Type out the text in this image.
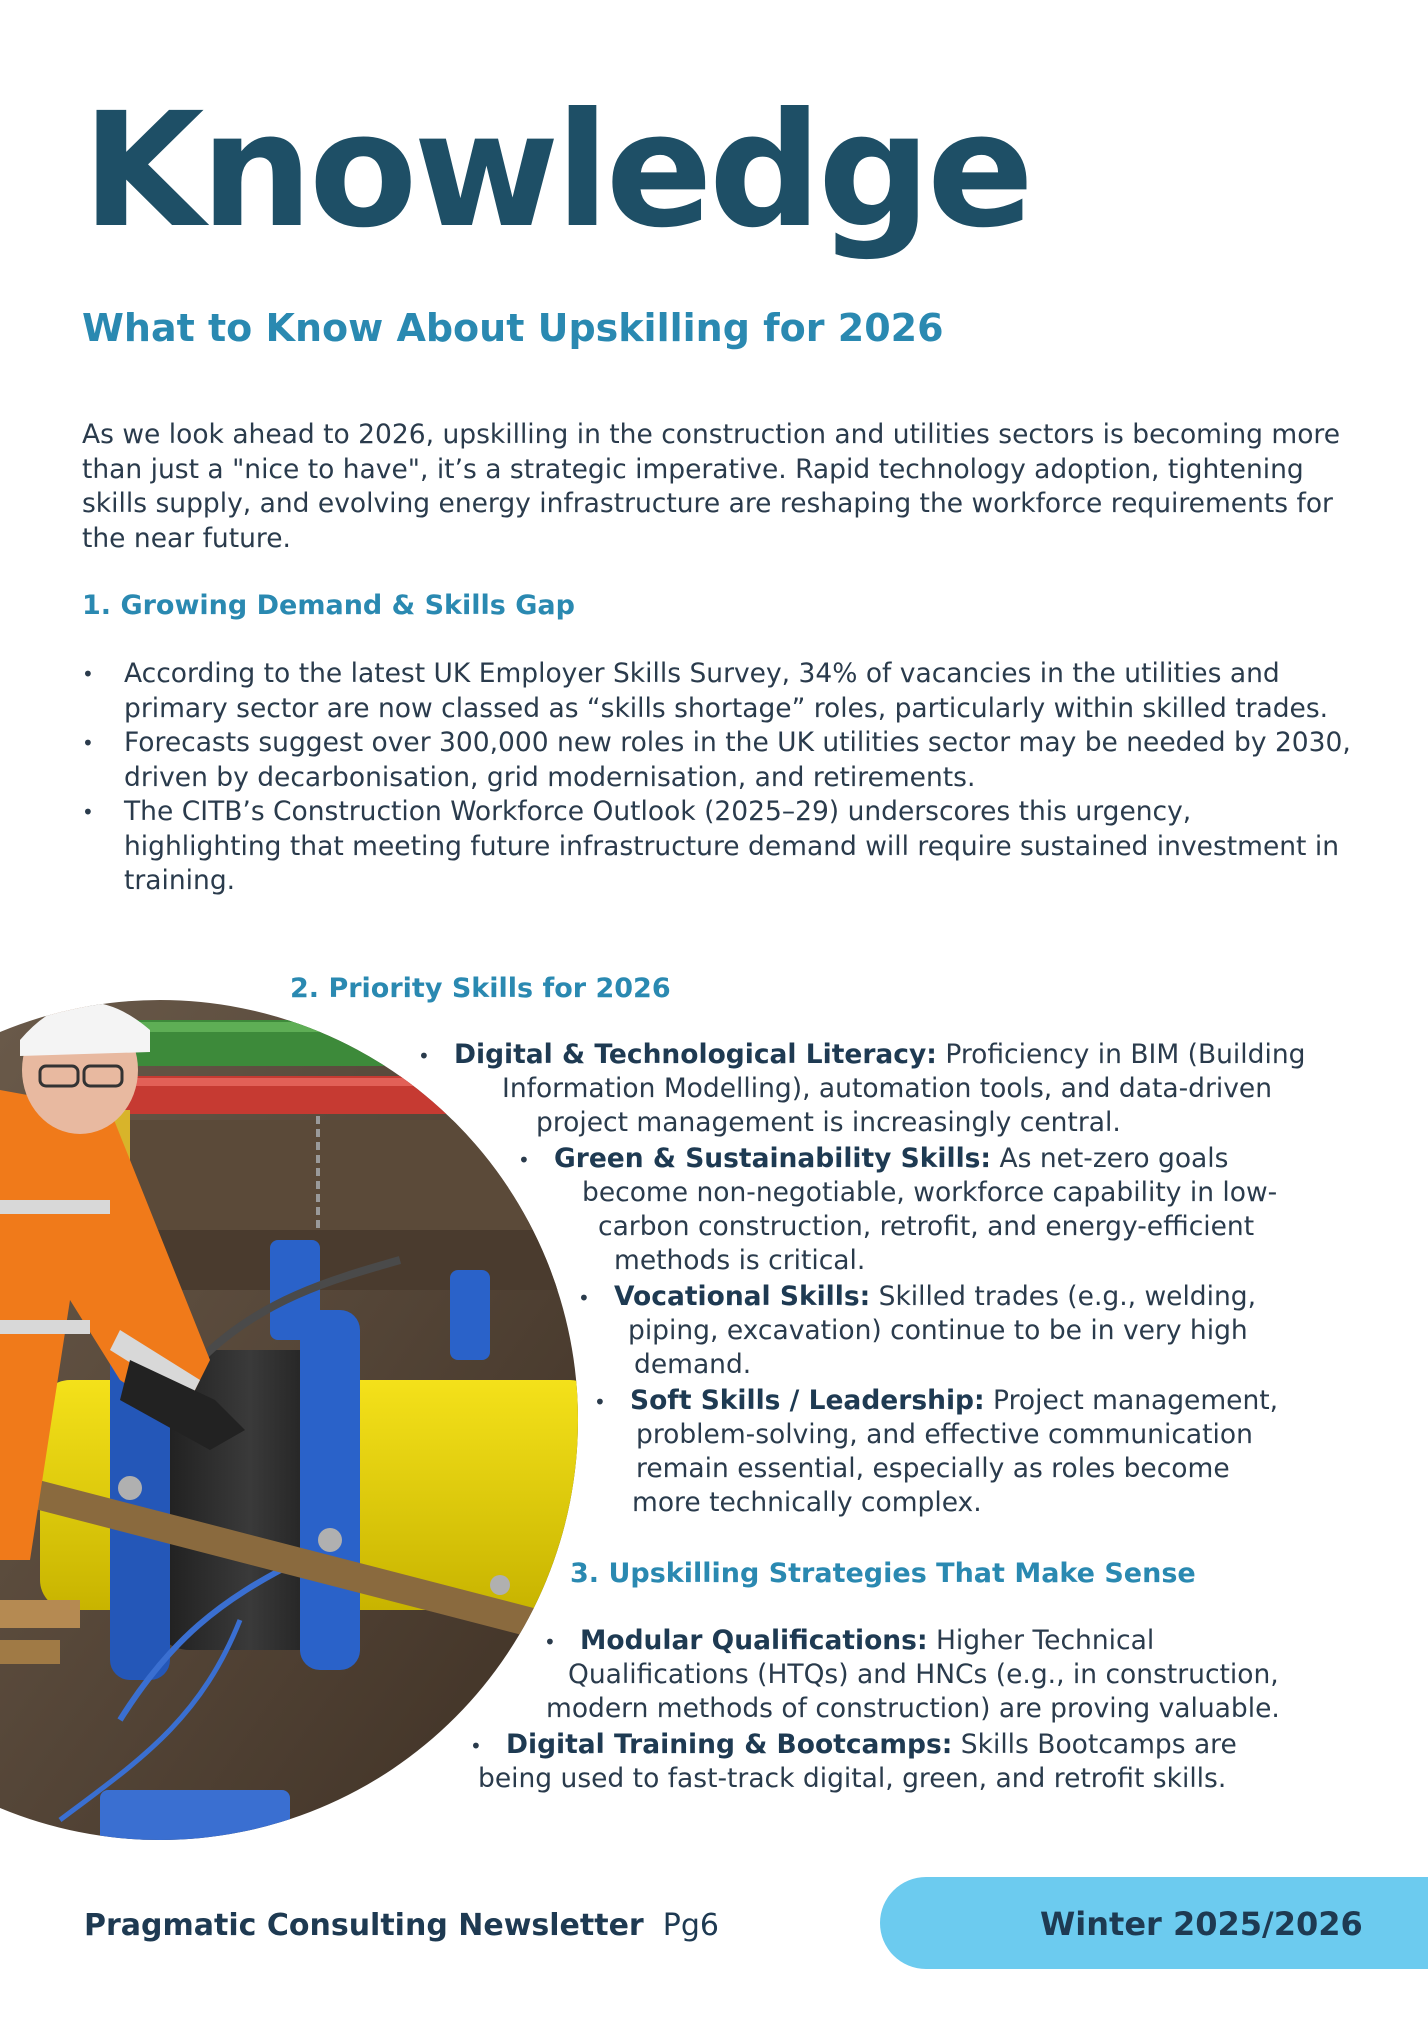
Knowledge
What to Know About Upskilling for 2026

As we look ahead to 2026, upskilling in the construction and utilities sectors is becoming more than just a "nice to have", it’s a strategic imperative. Rapid technology adoption, tightening skills supply, and evolving energy infrastructure are reshaping the workforce requirements for the near future.

1. Growing Demand & Skills Gap
• According to the latest UK Employer Skills Survey, 34% of vacancies in the utilities and primary sector are now classed as “skills shortage” roles, particularly within skilled trades.
• Forecasts suggest over 300,000 new roles in the UK utilities sector may be needed by 2030, driven by decarbonisation, grid modernisation, and retirements.
• The CITB’s Construction Workforce Outlook (2025–29) underscores this urgency, highlighting that meeting future infrastructure demand will require sustained investment in training.
2. Priority Skills for 2026
• Digital & Technological Literacy: Proficiency in BIM (Building
Information Modelling), automation tools, and data-driven
project management is increasingly central.
• Green & Sustainability Skills: As net-zero goals
become non-negotiable, workforce capability in low-
carbon construction, retrofit, and energy-efficient
methods is critical.
• Vocational Skills: Skilled trades (e.g., welding,
piping, excavation) continue to be in very high
demand.
• Soft Skills / Leadership: Project management,
problem-solving, and effective communication
remain essential, especially as roles become
more technically complex.
3. Upskilling Strategies That Make Sense
• Modular Qualifications: Higher Technical
Qualifications (HTQs) and HNCs (e.g., in construction,
modern methods of construction) are proving valuable.
• Digital Training & Bootcamps: Skills Bootcamps are
being used to fast-track digital, green, and retrofit skills.
Pragmatic Consulting Newsletter Pg6	Winter 2025/2026
